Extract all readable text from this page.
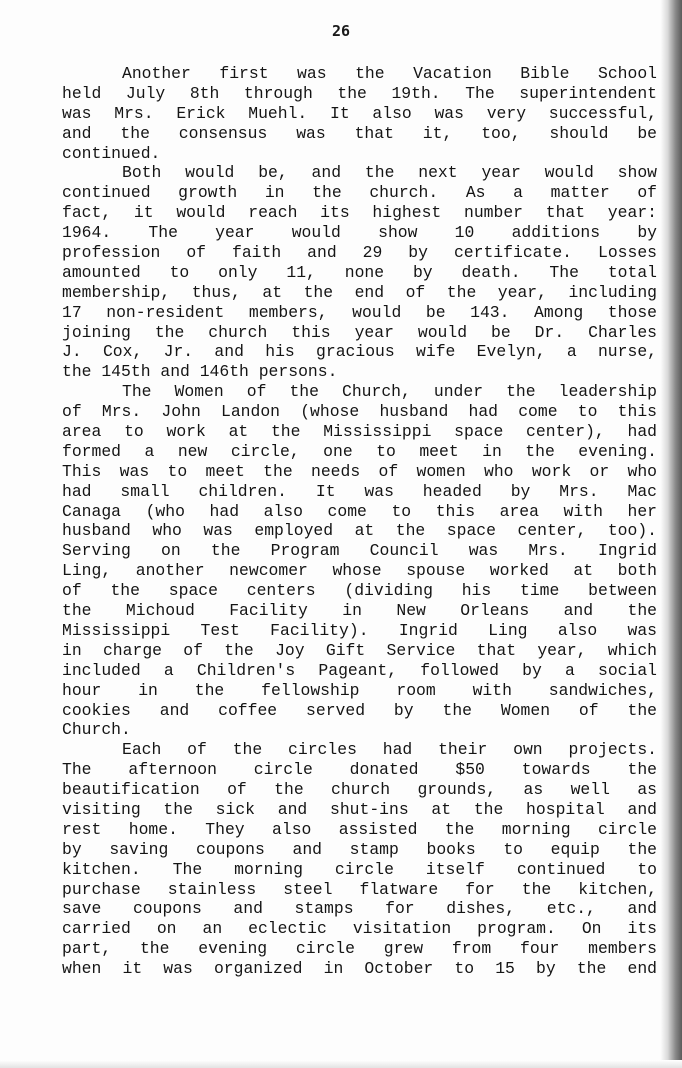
26
Another first was the Vacation Bible School
held July 8th through the 19th. The superintendent
was Mrs. Erick Muehl. It also was very successful,
and the consensus was that it, too, should be
continued.
Both would be, and the next year would show
continued growth in the church. As a matter of
fact, it would reach its highest number that year:
1964. The year would show 10 additions by
profession of faith and 29 by certificate. Losses
amounted to only 11, none by death. The total
membership, thus, at the end of the year, including
17 non-resident members, would be 143. Among those
joining the church this year would be Dr. Charles
J. Cox, Jr. and his gracious wife Evelyn, a nurse,
the 145th and 146th persons.
The Women of the Church, under the leadership
of Mrs. John Landon (whose husband had come to this
area to work at the Mississippi space center), had
formed a new circle, one to meet in the evening.
This was to meet the needs of women who work or who
had small children. It was headed by Mrs. Mac
Canaga (who had also come to this area with her
husband who was employed at the space center, too).
Serving on the Program Council was Mrs. Ingrid
Ling, another newcomer whose spouse worked at both
of the space centers (dividing his time between
the Michoud Facility in New Orleans and the
Mississippi Test Facility). Ingrid Ling also was
in charge of the Joy Gift Service that year, which
included a Children's Pageant, followed by a social
hour in the fellowship room with sandwiches,
cookies and coffee served by the Women of the
Church.
Each of the circles had their own projects.
The afternoon circle donated $50 towards the
beautification of the church grounds, as well as
visiting the sick and shut-ins at the hospital and
rest home. They also assisted the morning circle
by saving coupons and stamp books to equip the
kitchen. The morning circle itself continued to
purchase stainless steel flatware for the kitchen,
save coupons and stamps for dishes, etc., and
carried on an eclectic visitation program. On its
part, the evening circle grew from four members
when it was organized in October to 15 by the end
